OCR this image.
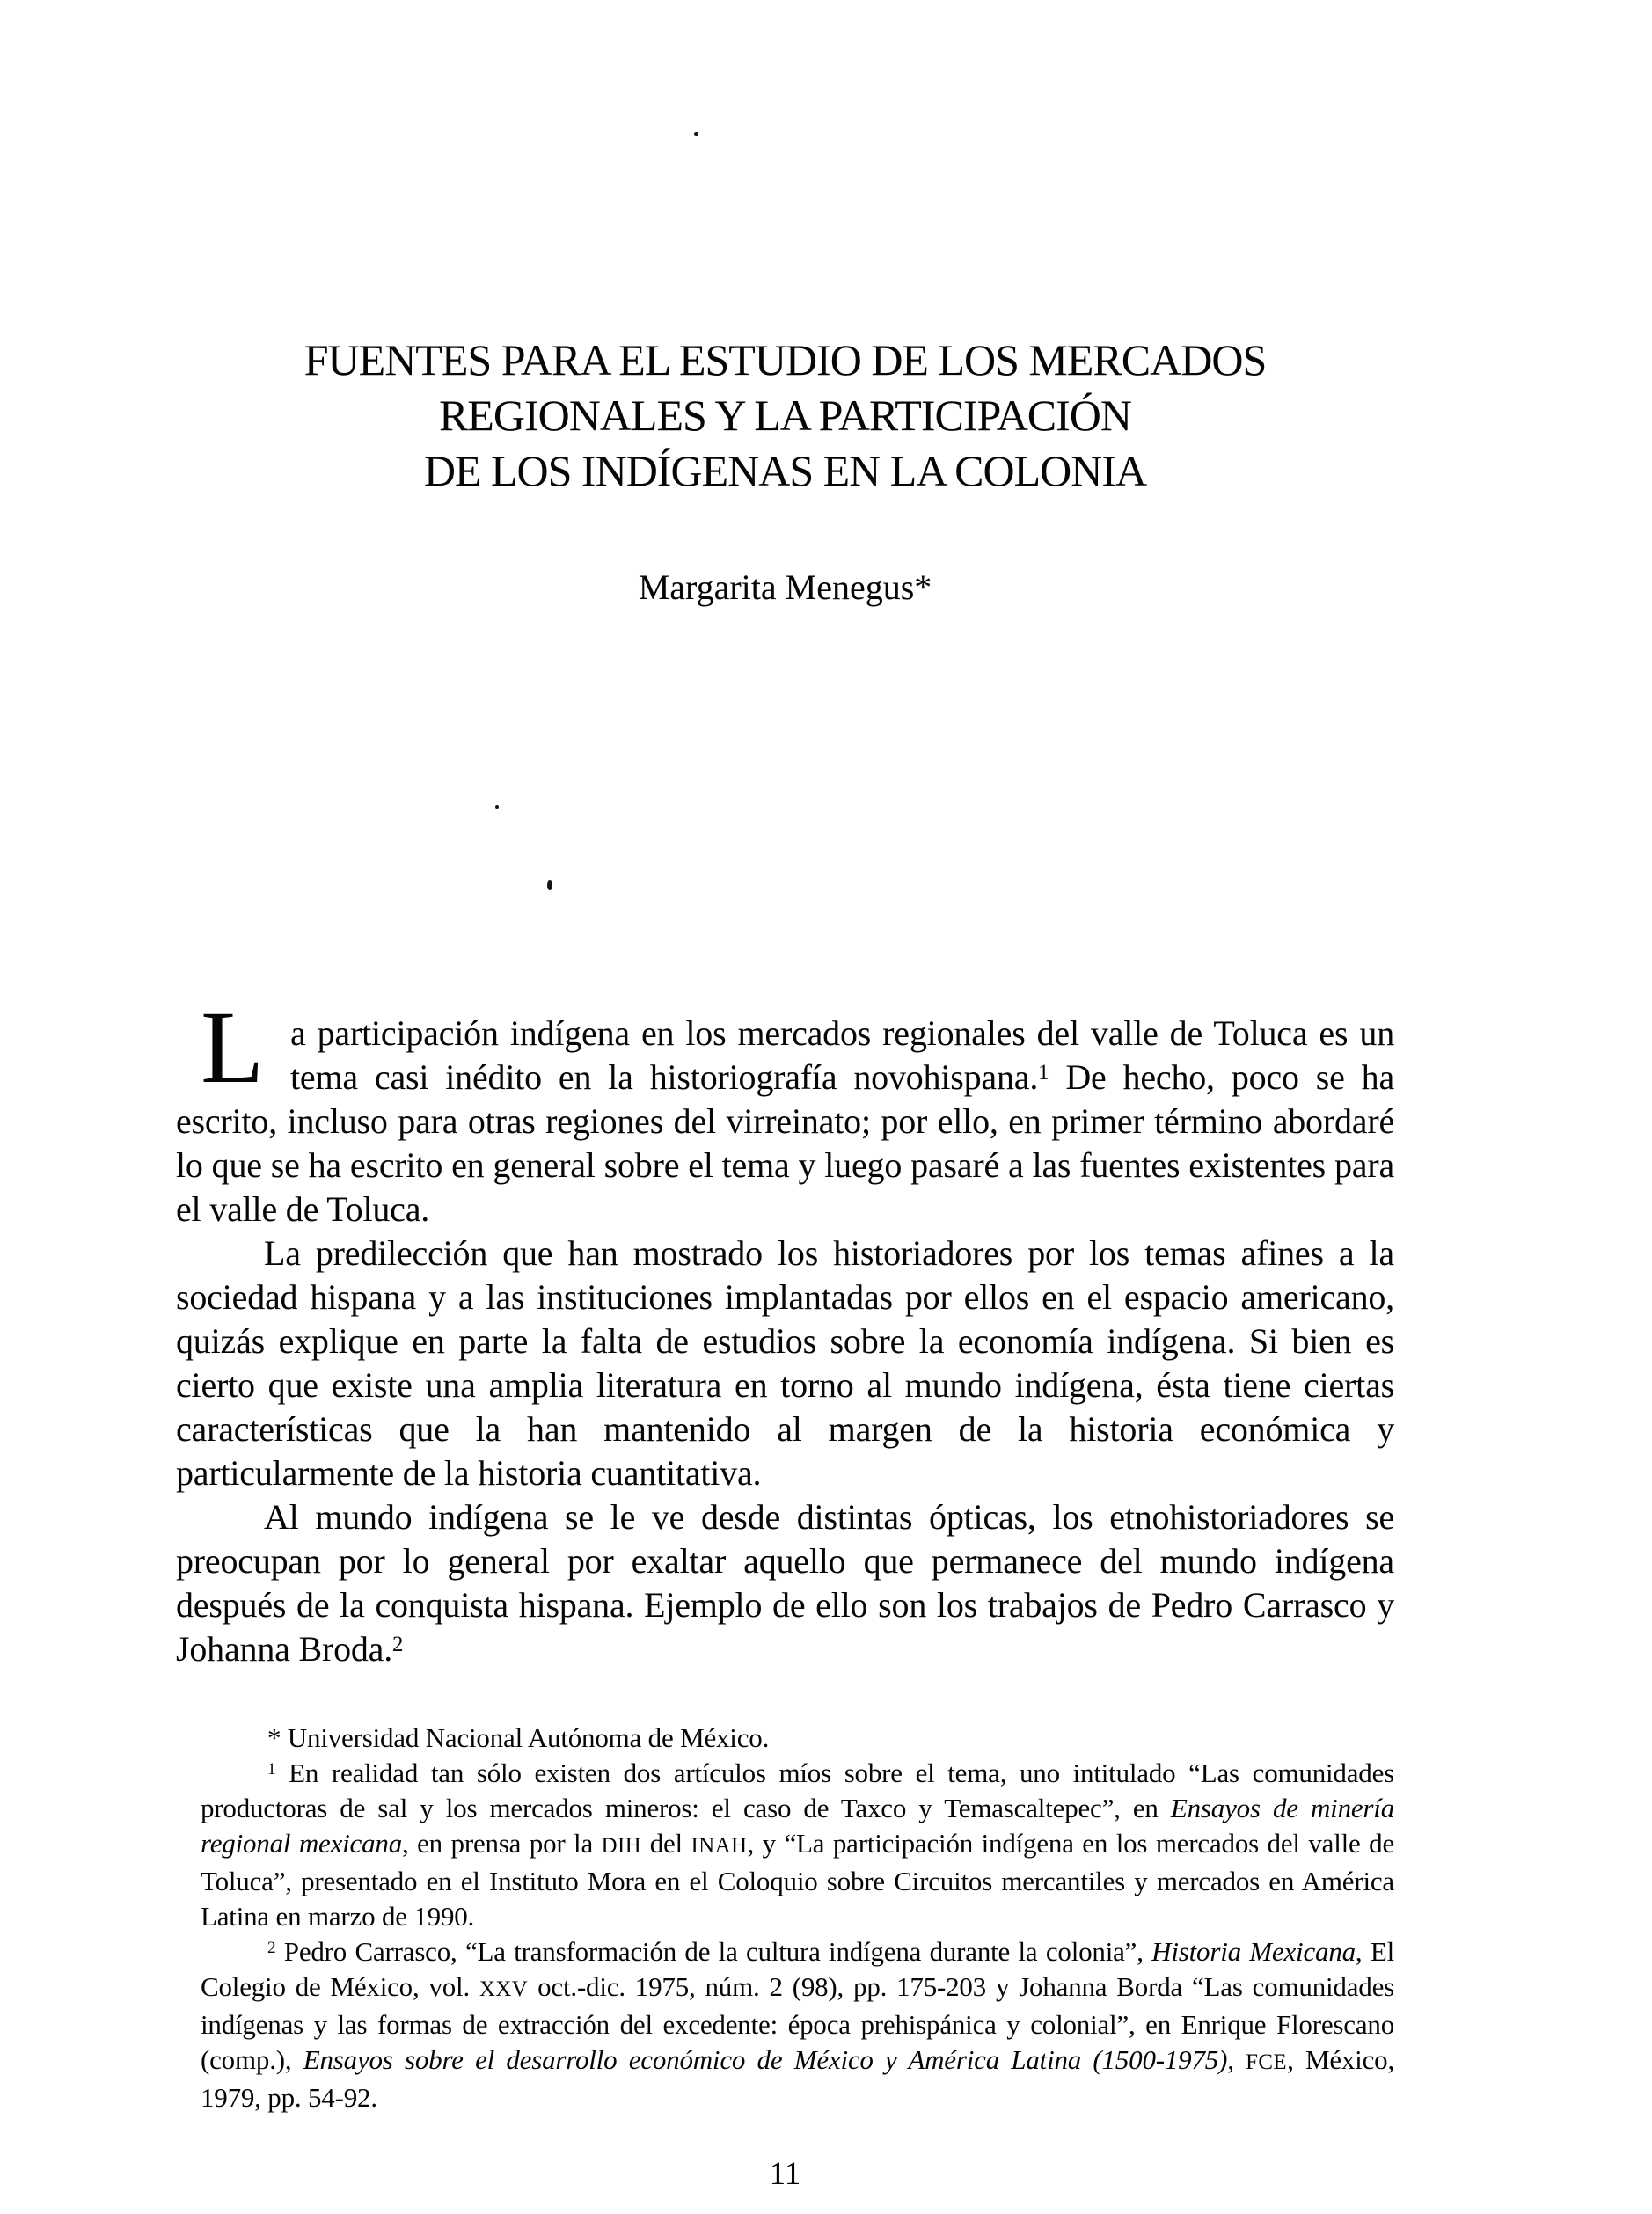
FUENTES PARA EL ESTUDIO DE LOS MERCADOS
REGIONALES Y LA PARTICIPACIÓN
DE LOS INDÍGENAS EN LA COLONIA
Margarita Menegus*

La participación indígena en los mercados regionales del valle de Toluca es un tema casi inédito en la historiografía novohispana.$^1$ De hecho, poco se ha escrito, incluso para otras regiones del virreinato; por ello, en primer término abordaré lo que se ha escrito en general sobre el tema y luego pasaré a las fuentes existentes para el valle de Toluca.

La predilección que han mostrado los historiadores por los temas afines a la sociedad hispana y a las instituciones implantadas por ellos en el espacio americano, quizás explique en parte la falta de estudios sobre la economía indígena. Si bien es cierto que existe una amplia literatura en torno al mundo indígena, ésta tiene ciertas características que la han mantenido al margen de la historia económica y particularmente de la historia cuantitativa.

Al mundo indígena se le ve desde distintas ópticas, los etnohistoriadores se preocupan por lo general por exaltar aquello que permanece del mundo indígena después de la conquista hispana. Ejemplo de ello son los trabajos de Pedro Carrasco y Johanna Broda.$^2$

* Universidad Nacional Autónoma de México.

$^1$ En realidad tan sólo existen dos artículos míos sobre el tema, uno intitulado “Las comunidades productoras de sal y los mercados mineros: el caso de Taxco y Temascaltepec”, en Ensayos de minería regional mexicana, en prensa por la DIH del INAH, y “La participación indígena en los mercados del valle de Toluca”, presentado en el Instituto Mora en el Coloquio sobre Circuitos mercantiles y mercados en América Latina en marzo de 1990.

$^2$ Pedro Carrasco, “La transformación de la cultura indígena durante la colonia”, Historia Mexicana, El Colegio de México, vol. XXV oct.-dic. 1975, núm. 2 (98), pp. 175-203 y Johanna Borda “Las comunidades indígenas y las formas de extracción del excedente: época prehispánica y colonial”, en Enrique Florescano (comp.), Ensayos sobre el desarrollo económico de México y América Latina (1500-1975), FCE, México, 1979, pp. 54-92.

11
